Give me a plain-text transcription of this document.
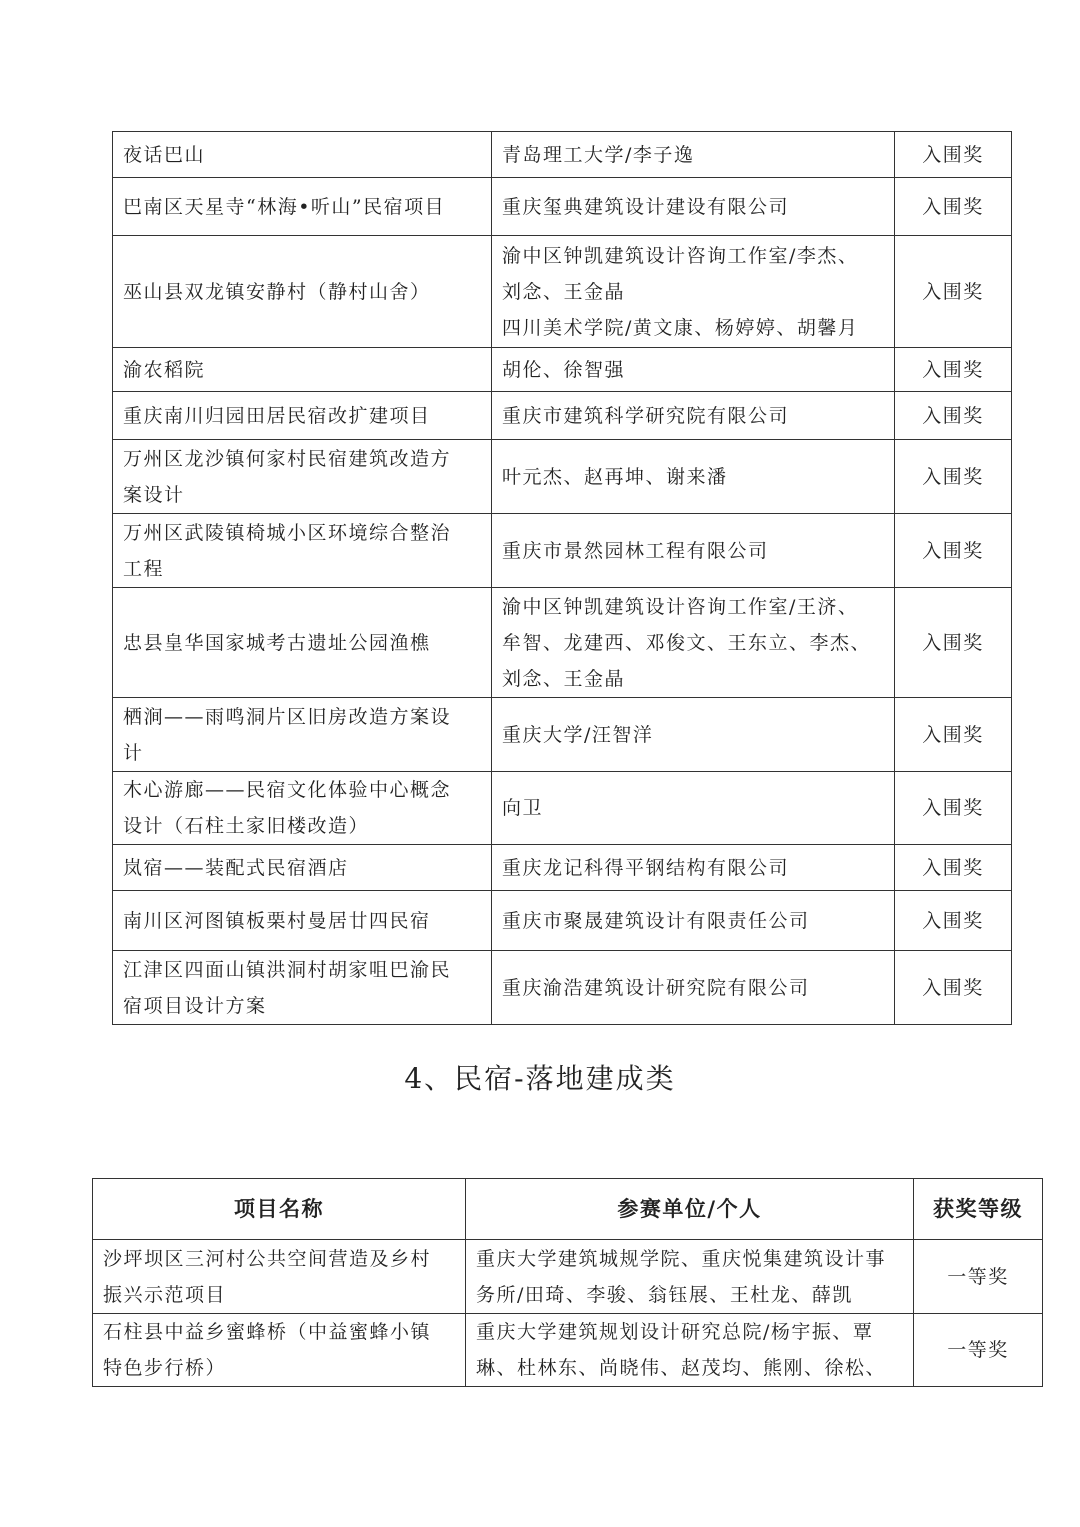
夜话巴山	青岛理工大学/李子逸	入围奖

巴南区天星寺“林海•听山”民宿项目	重庆玺典建筑设计建设有限公司	入围奖

巫山县双龙镇安静村（静村山舍）	渝中区钟凯建筑设计咨询工作室/李杰、
刘念、王金晶
四川美术学院/黄文康、杨婷婷、胡馨月	入围奖

渝农稻院	胡伦、徐智强	入围奖

重庆南川归园田居民宿改扩建项目	重庆市建筑科学研究院有限公司	入围奖

万州区龙沙镇何家村民宿建筑改造方
案设计	叶元杰、赵再坤、谢来潘	入围奖

万州区武陵镇椅城小区环境综合整治
工程	重庆市景然园林工程有限公司	入围奖

忠县皇华国家城考古遗址公园渔樵	渝中区钟凯建筑设计咨询工作室/王济、
牟智、龙建西、邓俊文、王东立、李杰、
刘念、王金晶	入围奖

栖涧——雨鸣洞片区旧房改造方案设
计	重庆大学/汪智洋	入围奖

木心游廊——民宿文化体验中心概念
设计（石柱土家旧楼改造）	向卫	入围奖

岚宿——装配式民宿酒店	重庆龙记科得平钢结构有限公司	入围奖

南川区河图镇板栗村曼居廿四民宿	重庆市聚晟建筑设计有限责任公司	入围奖

江津区四面山镇洪洞村胡家咀巴渝民
宿项目设计方案	重庆渝浩建筑设计研究院有限公司	入围奖
4、民宿-落地建成类
项目名称	参赛单位/个人	获奖等级

沙坪坝区三河村公共空间营造及乡村
振兴示范项目	重庆大学建筑城规学院、重庆悦集建筑设计事
务所/田琦、李骏、翁钰展、王杜龙、薛凯	一等奖

石柱县中益乡蜜蜂桥（中益蜜蜂小镇
特色步行桥）	重庆大学建筑规划设计研究总院/杨宇振、覃
琳、杜林东、尚晓伟、赵茂均、熊刚、徐松、	一等奖
